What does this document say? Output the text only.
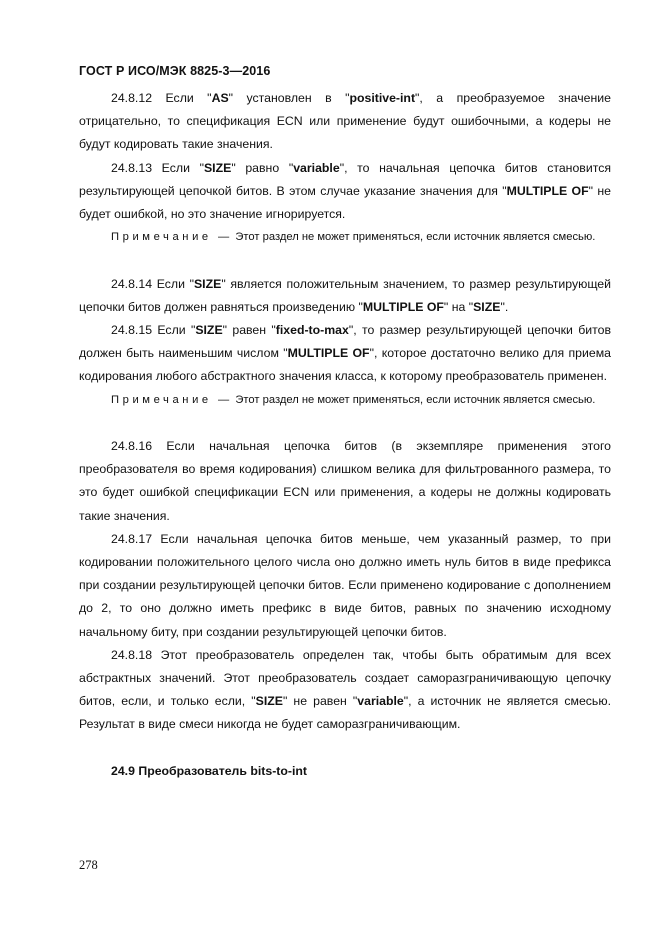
ГОСТ Р ИСО/МЭК 8825-3—2016

24.8.12 Если "AS" установлен в "positive-int", а преобразуемое значение отрицательно, то спецификация ECN или применение будут ошибочными, а кодеры не будут кодировать такие значения.

24.8.13 Если "SIZE" равно "variable", то начальная цепочка битов становится результирующей цепочкой битов. В этом случае указание значения для "MULTIPLE OF" не будет ошибкой, но это значение игнорируется.

Примечание — Этот раздел не может применяться, если источник является смесью.

24.8.14 Если "SIZE" является положительным значением, то размер результирующей цепочки битов должен равняться произведению "MULTIPLE OF" на "SIZE".

24.8.15 Если "SIZE" равен "fixed-to-max", то размер результирующей цепочки битов должен быть наименьшим числом "MULTIPLE OF", которое достаточно велико для приема кодирования любого абстрактного значения класса, к которому преобразователь применен.

Примечание — Этот раздел не может применяться, если источник является смесью.

24.8.16 Если начальная цепочка битов (в экземпляре применения этого преобразователя во время кодирования) слишком велика для фильтрованного размера, то это будет ошибкой спецификации ECN или применения, а кодеры не должны кодировать такие значения.

24.8.17 Если начальная цепочка битов меньше, чем указанный размер, то при кодировании положительного целого числа оно должно иметь нуль битов в виде префикса при создании результирующей цепочки битов. Если применено кодирование с дополнением до 2, то оно должно иметь префикс в виде битов, равных по значению исходному начальному биту, при создании результирующей цепочки битов.

24.8.18 Этот преобразователь определен так, чтобы быть обратимым для всех абстрактных значений. Этот преобразователь создает саморазграничивающую цепочку битов, если, и только если, "SIZE" не равен "variable", а источник не является смесью. Результат в виде смеси никогда не будет саморазграничивающим.

24.9 Преобразователь bits-to-int

278
